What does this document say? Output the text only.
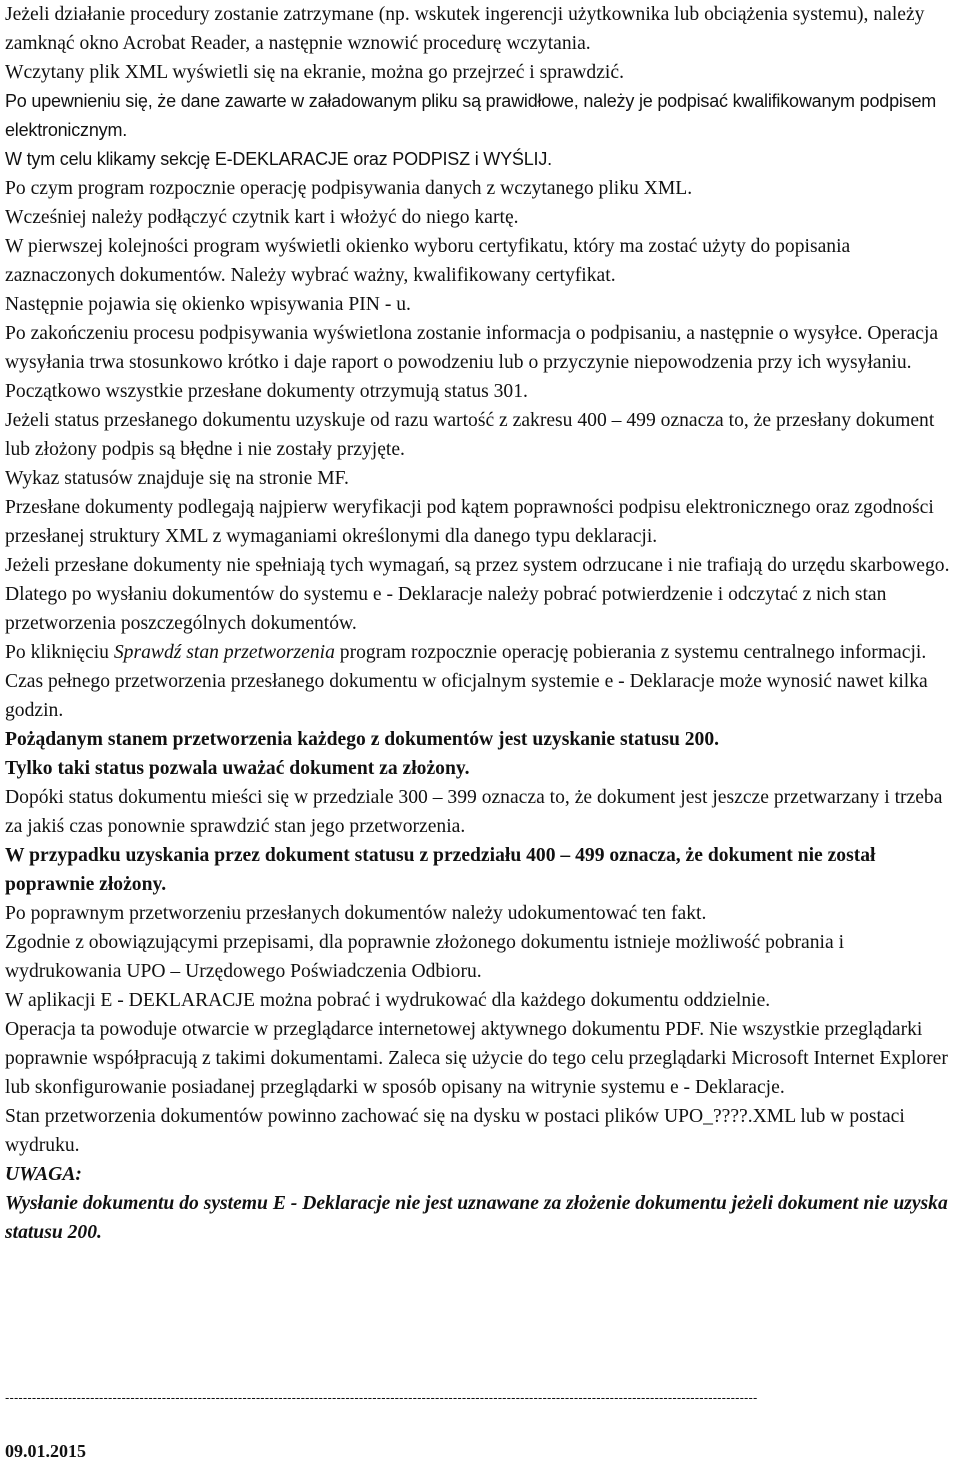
Jeżeli działanie procedury zostanie zatrzymane (np. wskutek ingerencji użytkownika lub obciążenia systemu), należy zamknąć okno Acrobat Reader, a następnie wznowić procedurę wczytania.

Wczytany plik XML wyświetli się na ekranie, można go przejrzeć i sprawdzić.

Po upewnieniu się, że dane zawarte w załadowanym pliku są prawidłowe, należy je podpisać kwalifikowanym podpisem elektronicznym.

W tym celu klikamy sekcję E-DEKLARACJE oraz PODPISZ i WYŚLIJ.

Po czym program rozpocznie operację podpisywania danych z wczytanego pliku XML.

Wcześniej należy podłączyć czytnik kart i włożyć do niego kartę.

W pierwszej kolejności program wyświetli okienko wyboru certyfikatu, który ma zostać użyty do popisania zaznaczonych dokumentów. Należy wybrać ważny, kwalifikowany certyfikat.

Następnie pojawia się okienko wpisywania PIN - u.

Po zakończeniu procesu podpisywania wyświetlona zostanie informacja o podpisaniu, a następnie o wysyłce. Operacja wysyłania trwa stosunkowo krótko i daje raport o powodzeniu lub o przyczynie niepowodzenia przy ich wysyłaniu.

Początkowo wszystkie przesłane dokumenty otrzymują status 301.

Jeżeli status przesłanego dokumentu uzyskuje od razu wartość z zakresu 400 – 499 oznacza to, że przesłany dokument lub złożony podpis są błędne i nie zostały przyjęte.

Wykaz statusów znajduje się na stronie MF.

Przesłane dokumenty podlegają najpierw weryfikacji pod kątem poprawności podpisu elektronicznego oraz zgodności przesłanej struktury XML z wymaganiami określonymi dla danego typu deklaracji.

Jeżeli przesłane dokumenty nie spełniają tych wymagań, są przez system odrzucane i nie trafiają do urzędu skarbowego.

Dlatego po wysłaniu dokumentów do systemu e - Deklaracje należy pobrać potwierdzenie i odczytać z nich stan przetworzenia poszczególnych dokumentów.

Po kliknięciu Sprawdź stan przetworzenia program rozpocznie operację pobierania z systemu centralnego informacji.

Czas pełnego przetworzenia przesłanego dokumentu w oficjalnym systemie e - Deklaracje może wynosić nawet kilka godzin.

Pożądanym stanem przetworzenia każdego z dokumentów jest uzyskanie statusu 200.

Tylko taki status pozwala uważać dokument za złożony.

Dopóki status dokumentu mieści się w przedziale 300 – 399 oznacza to, że dokument jest jeszcze przetwarzany i trzeba za jakiś czas ponownie sprawdzić stan jego przetworzenia.

W przypadku uzyskania przez dokument statusu z przedziału 400 – 499 oznacza, że dokument nie został poprawnie złożony.

Po poprawnym przetworzeniu przesłanych dokumentów należy udokumentować ten fakt.

Zgodnie z obowiązującymi przepisami, dla poprawnie złożonego dokumentu istnieje możliwość pobrania i wydrukowania UPO – Urzędowego Poświadczenia Odbioru.

W aplikacji E - DEKLARACJE można pobrać i wydrukować dla każdego dokumentu oddzielnie.

Operacja ta powoduje otwarcie w przeglądarce internetowej aktywnego dokumentu PDF. Nie wszystkie przeglądarki poprawnie współpracują z takimi dokumentami. Zaleca się użycie do tego celu przeglądarki Microsoft Internet Explorer lub skonfigurowanie posiadanej przeglądarki w sposób opisany na witrynie systemu e - Deklaracje.

Stan przetworzenia dokumentów powinno zachować się na dysku w postaci plików UPO_????.XML lub w postaci wydruku.

UWAGA:

Wysłanie dokumentu do systemu E - Deklaracje nie jest uznawane za złożenie dokumentu jeżeli dokument nie uzyska statusu 200.

------------------------------------------------------------------------------------------------------------------------------------------------------------------------
09.01.2015
